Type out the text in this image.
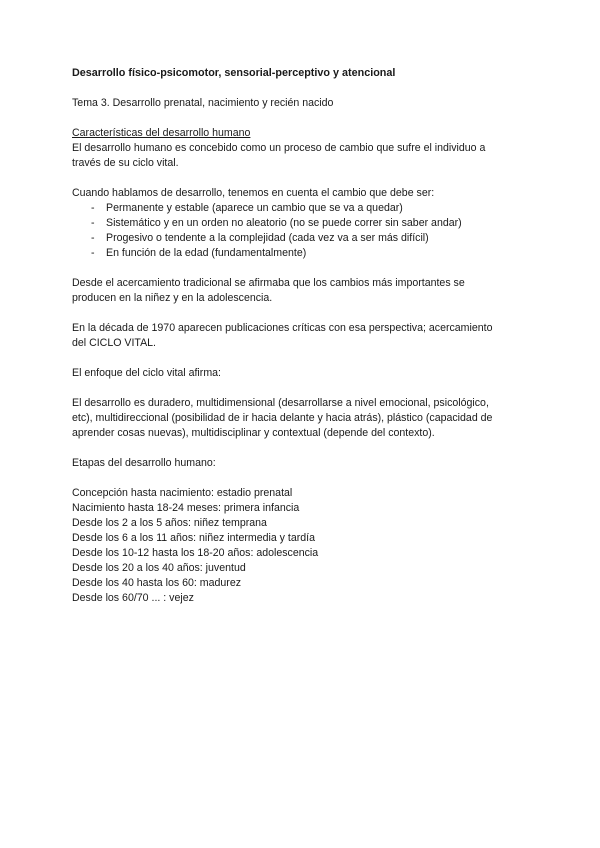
Desarrollo físico-psicomotor, sensorial-perceptivo y atencional

Tema 3. Desarrollo prenatal, nacimiento y recién nacido

Características del desarrollo humano

El desarrollo humano es concebido como un proceso de cambio que sufre el individuo a

través de su ciclo vital.

Cuando hablamos de desarrollo, tenemos en cuenta el cambio que debe ser:

- Permanente y estable (aparece un cambio que se va a quedar)
- Sistemático y en un orden no aleatorio (no se puede correr sin saber andar)
- Progesivo o tendente a la complejidad (cada vez va a ser más difícil)
- En función de la edad (fundamentalmente)

Desde el acercamiento tradicional se afirmaba que los cambios más importantes se

producen en la niñez y en la adolescencia.

En la década de 1970 aparecen publicaciones críticas con esa perspectiva; acercamiento

del CICLO VITAL.

El enfoque del ciclo vital afirma:

El desarrollo es duradero, multidimensional (desarrollarse a nivel emocional, psicológico,

etc), multidireccional (posibilidad de ir hacia delante y hacia atrás), plástico (capacidad de

aprender cosas nuevas), multidisciplinar y contextual (depende del contexto).

Etapas del desarrollo humano:

Concepción hasta nacimiento: estadio prenatal

Nacimiento hasta 18-24 meses: primera infancia

Desde los 2 a los 5 años: niñez temprana

Desde los 6 a los 11 años: niñez intermedia y tardía

Desde los 10-12 hasta los 18-20 años: adolescencia

Desde los 20 a los 40 años: juventud

Desde los 40 hasta los 60: madurez

Desde los 60/70 ... : vejez
